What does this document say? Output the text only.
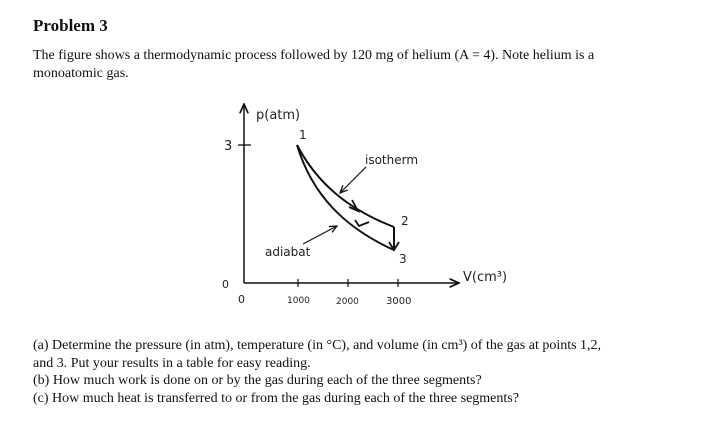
Problem 3
The figure shows a thermodynamic process followed by 120 mg of helium (A = 4). Note helium is a
monoatomic gas.
p(atm)
V(cm³)
3
0
0	1000	2000	3000
1
2
3
isotherm
adiabat

(a) Determine the pressure (in atm), temperature (in °C), and volume (in cm³) of the gas at points 1,2,
and 3. Put your results in a table for easy reading.

(b) How much work is done on or by the gas during each of the three segments?

(c) How much heat is transferred to or from the gas during each of the three segments?
